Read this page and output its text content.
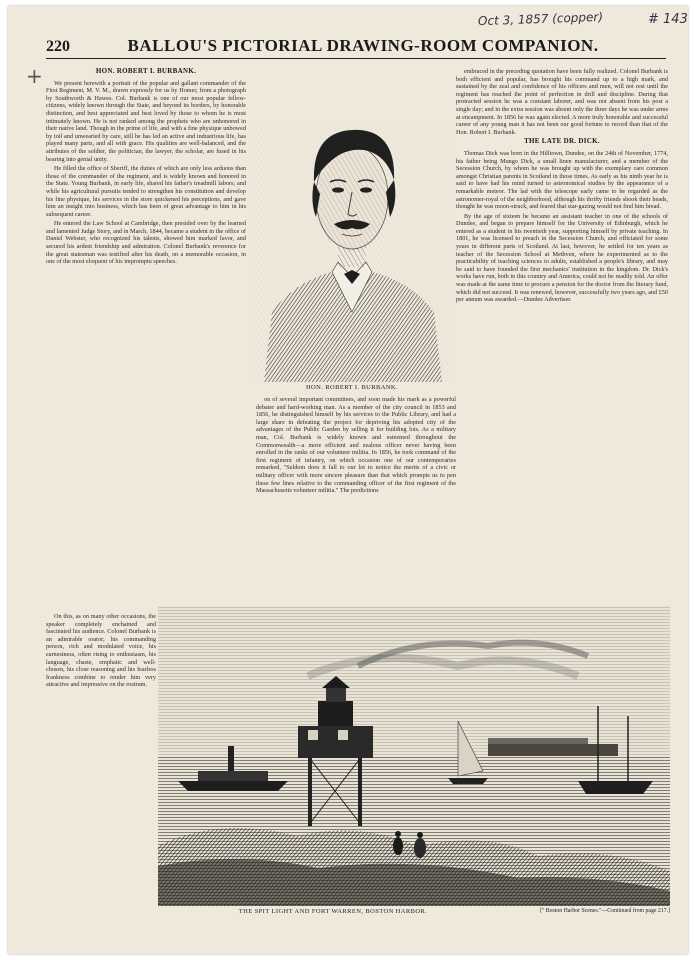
Oct 3, 1857 (copper)	# 143
+
220	BALLOU'S PICTORIAL DRAWING-ROOM COMPANION.
HON. ROBERT I. BURBANK.

We present herewith a portrait of the popular and gallant commander of the First Regiment, M. V. M., drawn expressly for us by Homer, from a photograph by Southworth & Hawes. Col. Burbank is one of our most popular fellow-citizens, widely known through the State, and beyond its borders, by honorable distinction, and best appreciated and best loved by those to whom he is most intimately known. He is not ranked among the prophets who are unhonored in their native land. Though in the prime of life, and with a fine physique unbowed by toil and unwearied by care, still he has led an active and industrious life, has played many parts, and all with grace. His qualities are well-balanced, and the attributes of the soldier, the politician, the lawyer, the scholar, are fused in his bearing into genial unity.

He filled the office of Sheriff, the duties of which are only less arduous than those of the commander of the regiment, and is widely known and honored in the State. Young Burbank, in early life, shared his father's treadmill labors; and while his agricultural pursuits tended to strengthen his constitution and develop his fine physique, his services in the store quickened his perceptions, and gave him an insight into business, which has been of great advantage to him in his subsequent career.

He entered the Law School at Cambridge, then presided over by the learned and lamented Judge Story, and in March, 1844, became a student in the office of Daniel Webster, who recognized his talents, showed him marked favor, and secured his ardent friendship and admiration. Colonel Burbank's reverence for the great statesman was testified after his death, on a memorable occasion, in one of the most eloquent of his impromptu speeches.

On this, as on many other occasions, the speaker completely enchained and fascinated his audience. Colonel Burbank is an admirable orator; his commanding person, rich and modulated voice, his earnestness, often rising to enthusiasm, his language, chaste, emphatic and well-chosen, his close reasoning and his fearless frankness combine to render him very attractive and impressive on the rostrum.

HON. ROBERT I. BURBANK.

on of several important committees, and soon made his mark as a powerful debater and hard-working man. As a member of the city council in 1853 and 1856, he distinguished himself by his services to the Public Library, and had a large share in defeating the project for depriving his adopted city of the advantages of the Public Garden by selling it for building lots. As a military man, Col. Burbank is widely known and esteemed throughout the Commonwealth—a more efficient and zealous officer never having been enrolled in the ranks of our volunteer militia. In 1856, he took command of the first regiment of infantry, on which occasion one of our contemporaries remarked, "Seldom does it fall to our lot to notice the merits of a civic or military officer with more sincere pleasure than that which prompts us to pen these few lines relative to the commanding officer of the first regiment of the Massachusetts volunteer militia." The predictions

embraced in the preceding quotation have been fully realized. Colonel Burbank is both efficient and popular, has brought his command up to a high mark, and sustained by the zeal and confidence of his officers and men, will not rest until the regiment has reached the point of perfection in drill and discipline. During that protracted session he was a constant laborer, and was not absent from his post a single day; and in the extra session was absent only the three days he was under arms at encampment. In 1856 he was again elected. A more truly honorable and successful career of any young man it has not been our good fortune to record than that of the Hon. Robert I. Burbank.

THE LATE DR. DICK.

Thomas Dick was born in the Hilltown, Dundee, on the 24th of November, 1774, his father being Mungo Dick, a small linen manufacturer, and a member of the Secession Church, by whom he was brought up with the exemplary care common amongst Christian parents in Scotland in those times. As early as his ninth year he is said to have had his mind turned to astronomical studies by the appearance of a remarkable meteor. The lad with the telescope early came to be regarded as the astronomer-royal of the neighborhood, although his thrifty friends shook their heads, thought he was moon-struck, and feared that star-gazing would not find him bread.

By the age of sixteen he became an assistant teacher in one of the schools of Dundee, and began to prepare himself for the University of Edinburgh, which he entered as a student in his twentieth year, supporting himself by private teaching. In 1801, he was licensed to preach in the Secession Church, and officiated for some years in different parts of Scotland. At last, however, he settled for ten years as teacher of the Secession School at Methven, where he experimented as to the practicability of teaching sciences to adults, established a people's library, and may be said to have founded the first mechanics' institution in the kingdom. Dr. Dick's works have run, both in this country and America, could not be readily told. An offer was made at the same time to procure a pension for the doctor from the literary fund, which did not succeed. It was renewed, however, successfully two years ago, and £50 per annum was awarded.—Dundee Advertiser.

THE SPIT LIGHT AND FORT WARREN, BOSTON HARBOR.	[" Boston Harbor Scenes."—Continued from page 217.]
